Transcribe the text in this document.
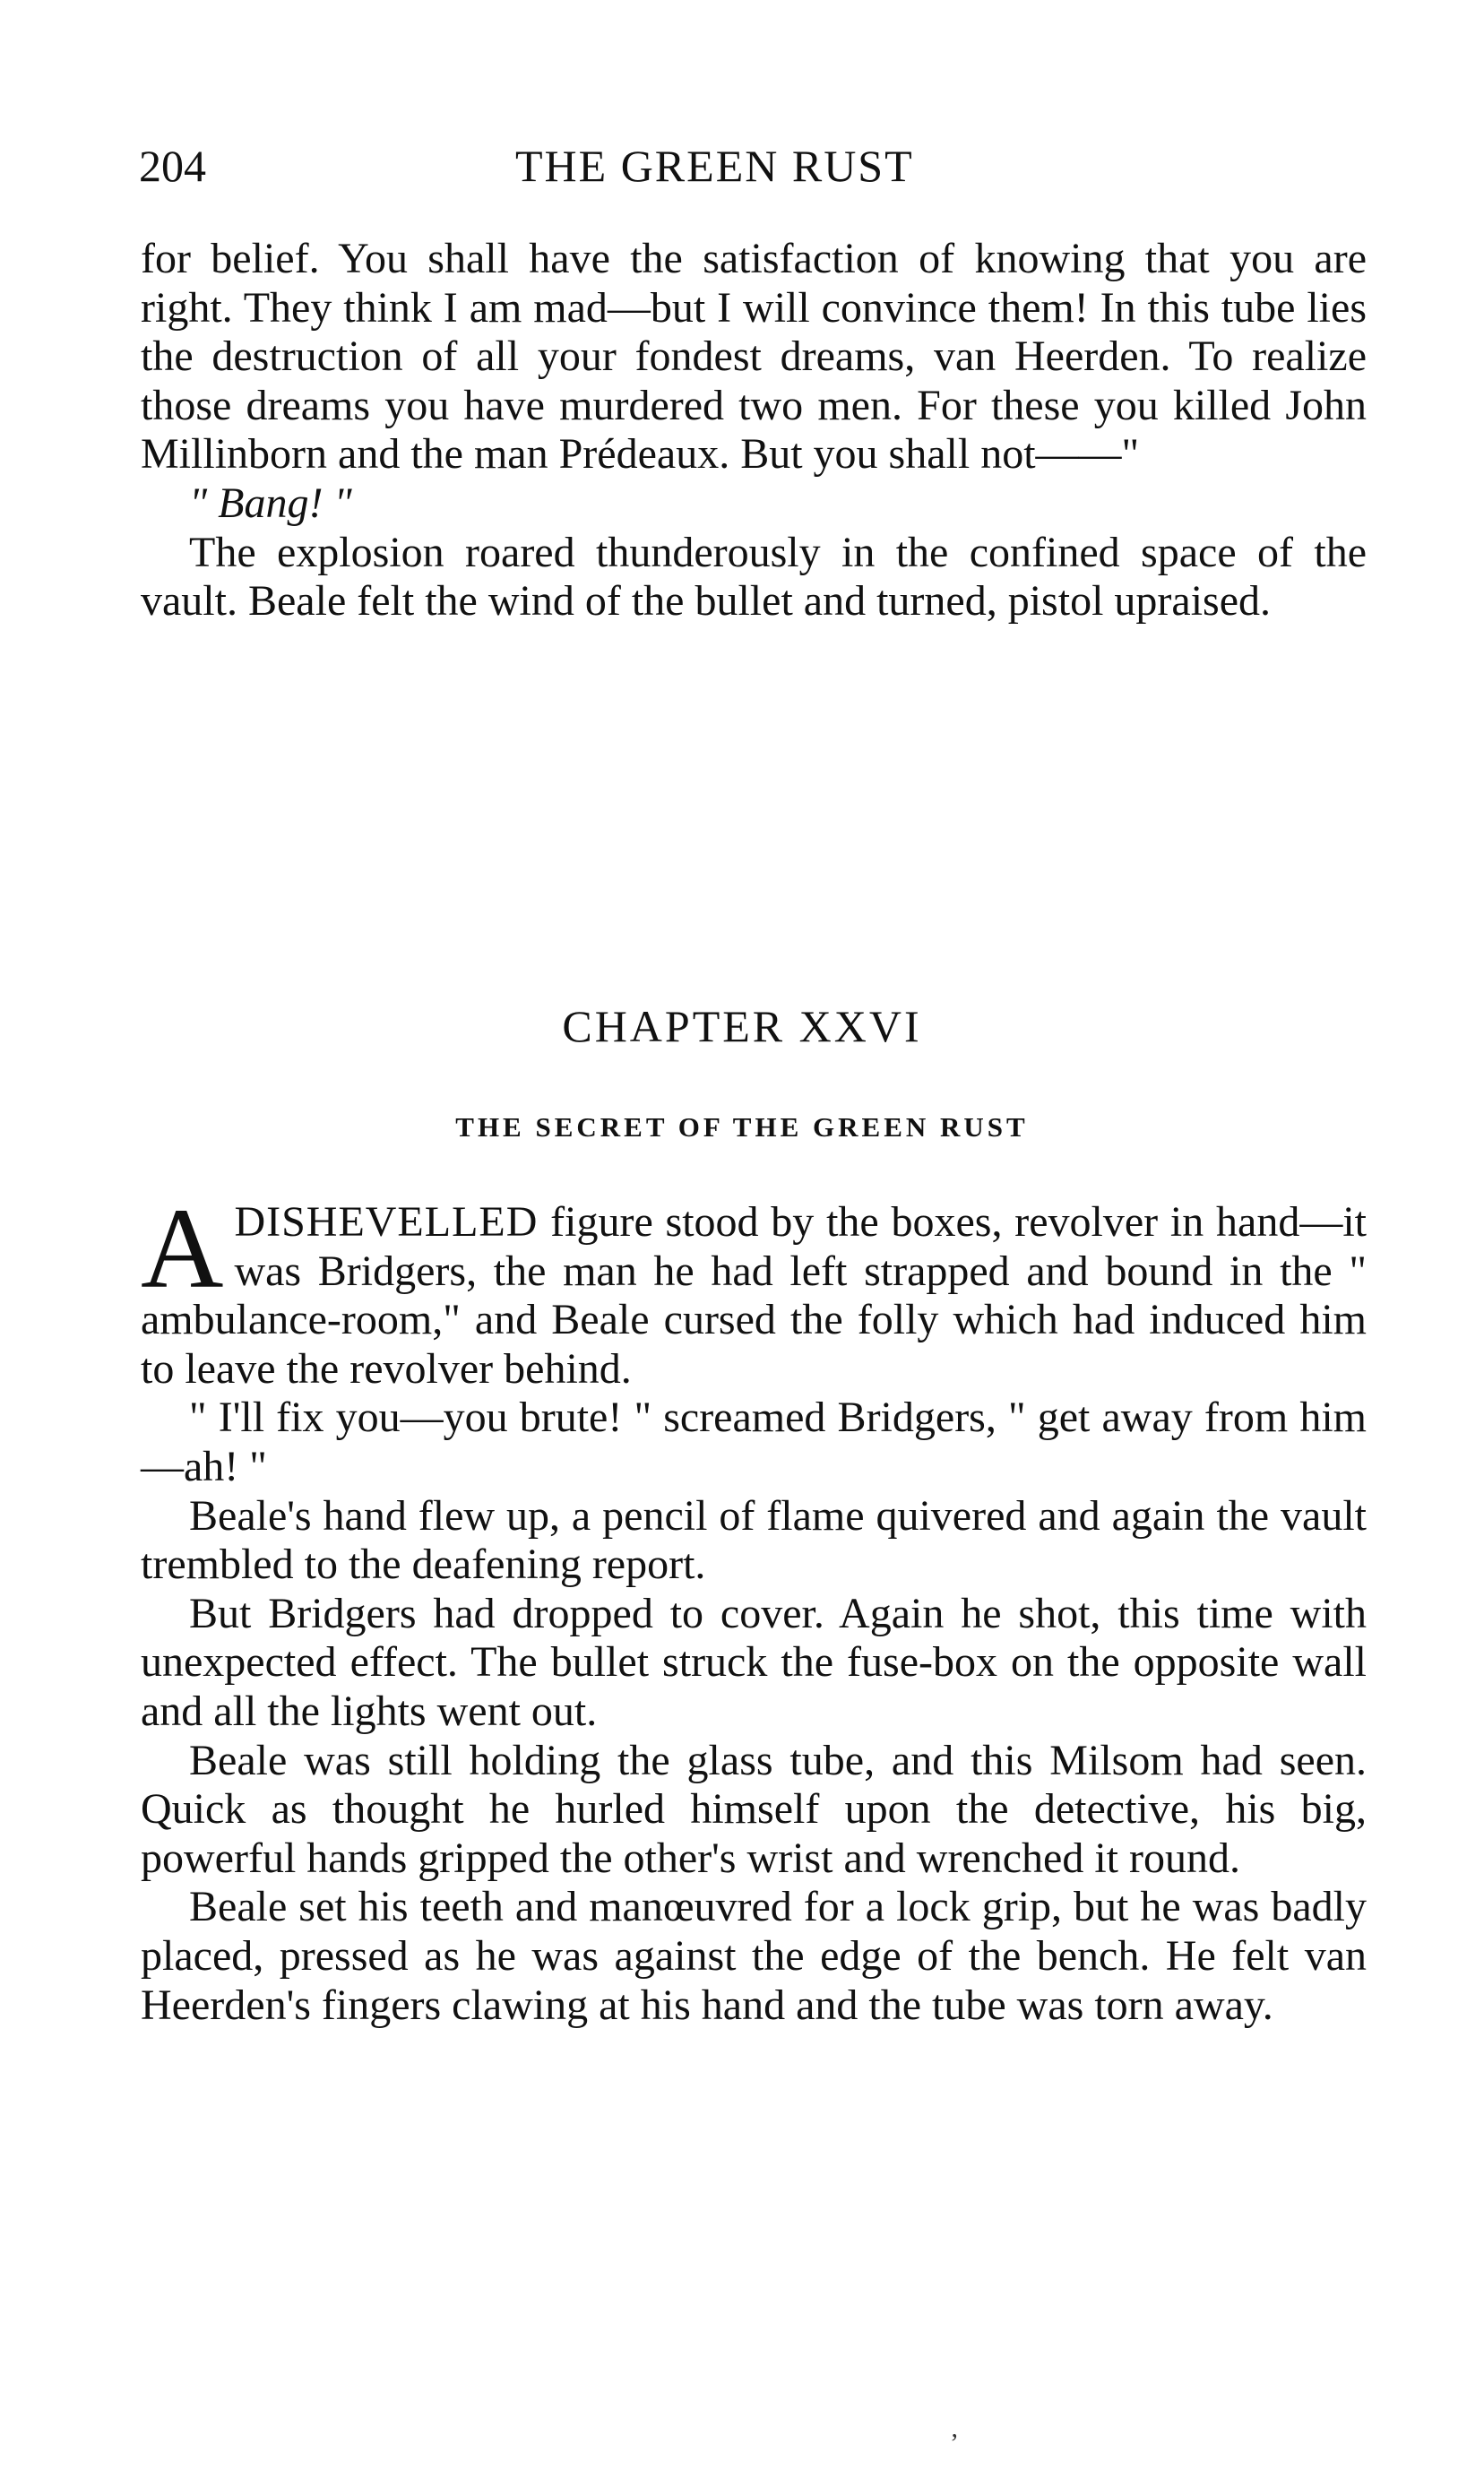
204	THE GREEN RUST

for belief. You shall have the satisfaction of knowing that you are right. They think I am mad—but I will convince them! In this tube lies the destruction of all your fondest dreams, van Heerden. To realize those dreams you have murdered two men. For these you killed John Millinborn and the man Prédeaux. But you shall not——"

" Bang! "

The explosion roared thunderously in the confined space of the vault. Beale felt the wind of the bullet and turned, pistol upraised.

CHAPTER XXVI
THE SECRET OF THE GREEN RUST

ADISHEVELLED figure stood by the boxes, revolver in hand—it was Bridgers, the man he had left strapped and bound in the " ambulance-room," and Beale cursed the folly which had induced him to leave the revolver behind.

" I'll fix you—you brute! " screamed Bridgers, " get away from him—ah! "

Beale's hand flew up, a pencil of flame quivered and again the vault trembled to the deafening report.

But Bridgers had dropped to cover. Again he shot, this time with unexpected effect. The bullet struck the fuse-box on the opposite wall and all the lights went out.

Beale was still holding the glass tube, and this Milsom had seen. Quick as thought he hurled himself upon the detective, his big, powerful hands gripped the other's wrist and wrenched it round.

Beale set his teeth and manœuvred for a lock grip, but he was badly placed, pressed as he was against the edge of the bench. He felt van Heerden's fingers clawing at his hand and the tube was torn away.

ʼ
